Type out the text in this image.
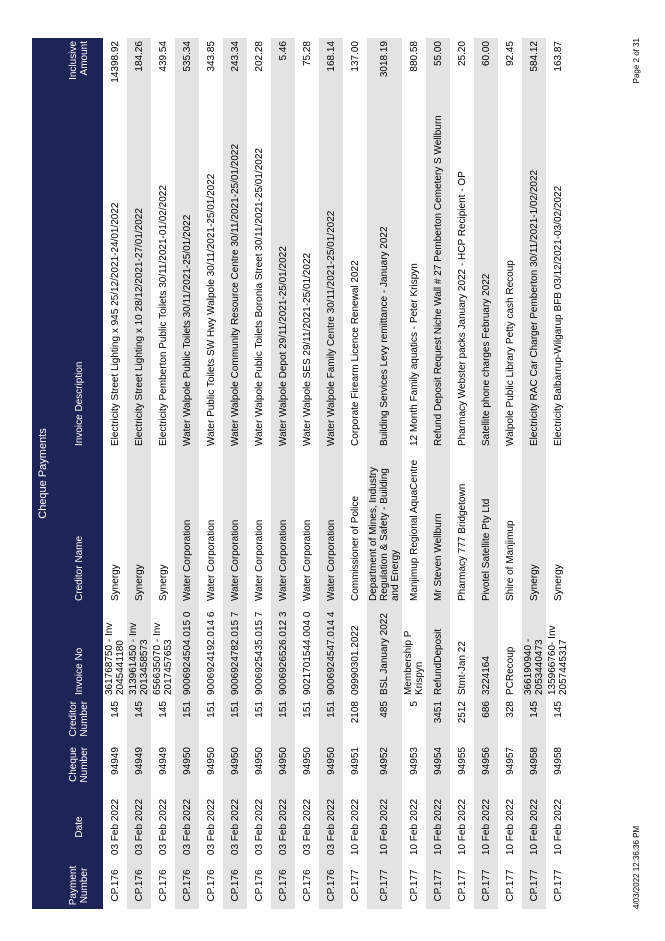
Cheque Payments
Payment Number	Date	Cheque Number	Creditor Number	Invoice No	Creditor Name	Invoice Description	Inclusive Amount
CP.176	03 Feb 2022	94949	145	361768750 - Inv 2045441180	Synergy	Electricity Street Lighting x 945 25/12/2021-24/01/2022	14398.92
CP.176	03 Feb 2022	94949	145	313961450 - Inv 2013458573	Synergy	Electricity Street Lighting x 10 28/12/2021-27/01/2022	184.26
CP.176	03 Feb 2022	94949	145	656635070 - Inv 2017457653	Synergy	Electricity Pemberton Public Toilets 30/11/2021-01/02/2022	439.54
CP.176	03 Feb 2022	94950	151	9006924504.015 0	Water Corporation	Water Walpole Public Toilets 30/11/2021-25/01/2022	535.34
CP.176	03 Feb 2022	94950	151	9006924192.014 6	Water Corporation	Water Public Toilets SW Hwy Walpole 30/11/2021-25/01/2022	343.85
CP.176	03 Feb 2022	94950	151	9006924782.015 7	Water Corporation	Water Walpole Community Resource Centre 30/11/2021-25/01/2022	243.34
CP.176	03 Feb 2022	94950	151	9006925435.015 7	Water Corporation	Water Walpole Public Toilets Boronia Street 30/11/2021-25/01/2022	202.28
CP.176	03 Feb 2022	94950	151	9006926526.012 3	Water Corporation	Water Walpole Depot 29/11/2021-25/01/2022	5.46
CP.176	03 Feb 2022	94950	151	9021701544.004 0	Water Corporation	Water Walpole SES 29/11/2021-25/01/2022	75.28
CP.176	03 Feb 2022	94950	151	9006924547.014 4	Water Corporation	Water Walpole Family Centre 30/11/2021-25/01/2022	168.14
CP.177	10 Feb 2022	94951	2108	09990301.2022	Commissioner of Police	Corporate Firearm Licence Renewal 2022	137.00
CP.177	10 Feb 2022	94952	485	BSL January 2022	Department of Mines, Industry Regulation & Safety - Building and Energy	Building Services Levy remittance - January 2022	3018.19
CP.177	10 Feb 2022	94953	5	Membership P Krispyn	Manjimup Regional AquaCentre	12 Month Family aquatics - Peter Krispyn	880.58
CP.177	10 Feb 2022	94954	3451	RefundDeposit	Mr Steven Wellburn	Refund Deposit Request Niche Wall # 27 Pemberton Cemetery S Wellburn	55.00
CP.177	10 Feb 2022	94955	2512	Stmt-Jan 22	Pharmacy 777 Bridgetown	Pharmacy Webster packs January 2022 - HCP Recipient - OP	25.20
CP.177	10 Feb 2022	94956	686	3224164	Pivotel Satellite Pty Ltd	Satellite phone charges February 2022	60.00
CP.177	10 Feb 2022	94957	328	PCRecoup	Shire of Manjimup	Walpole Public Library Petty cash Recoup	92.45
CP.177	10 Feb 2022	94958	145	366190940 - 2053440473	Synergy	Electricity RAC Car Charger Pemberton 30/11/2021-1/02/2022	584.12
CP.177	10 Feb 2022	94958	145	135966760- Inv 2057445317	Synergy	Electricity Balbarrup-Wilgarup BFB 03/12/2021-03/02/2022	163.87
4/03/2022 12:36:36 PM
Page 2 of 31
